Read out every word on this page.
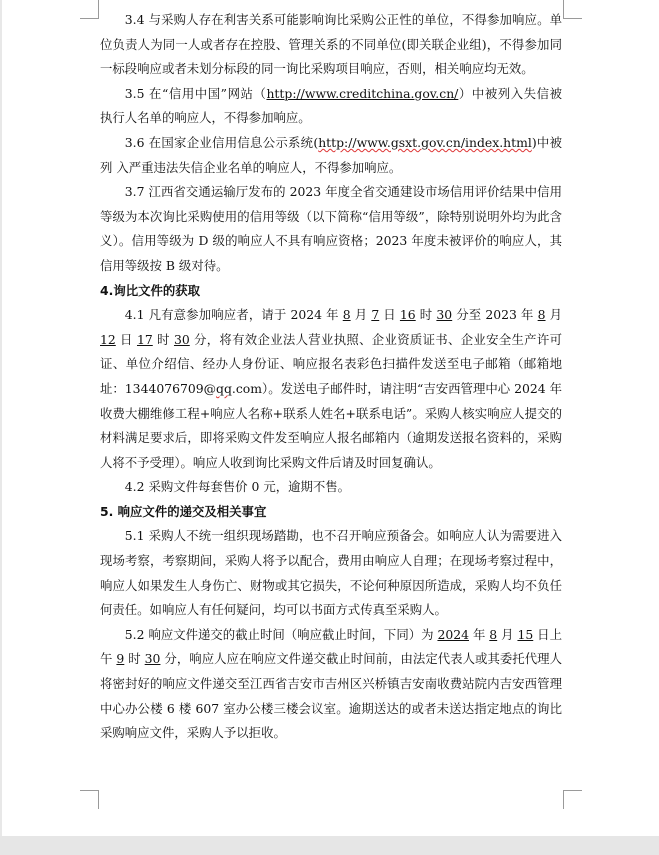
3.4 与采购人存在利害关系可能影响询比采购公正性的单位，不得参加响应。单位负责人为同一人或者存在控股、管理关系的不同单位(即关联企业组)，不得参加同一标段响应或者未划分标段的同一询比采购项目响应，否则，相关响应均无效。

3.5 在“信用中国”网站（http://www.creditchina.gov.cn/）中被列入失信被执行人名单的响应人，不得参加响应。

3.6 在国家企业信用信息公示系统(http://www.gsxt.gov.cn/index.html)中被列 入严重违法失信企业名单的响应人，不得参加响应。

3.7 江西省交通运输厅发布的 2023 年度全省交通建设市场信用评价结果中信用等级为本次询比采购使用的信用等级（以下简称“信用等级”，除特别说明外均为此含义）。信用等级为 D 级的响应人不具有响应资格；2023 年度未被评价的响应人，其信用等级按 B 级对待。

4.询比文件的获取

4.1 凡有意参加响应者，请于 2024 年 8 月 7 日 16 时 30 分至 2023 年 8 月 12 日 17 时 30 分，将有效企业法人营业执照、企业资质证书、企业安全生产许可证、单位介绍信、经办人身份证、响应报名表彩色扫描件发送至电子邮箱（邮箱地址：1344076709@qq.com）。发送电子邮件时，请注明“吉安西管理中心 2024 年收费大棚维修工程+响应人名称+联系人姓名+联系电话”。采购人核实响应人提交的材料满足要求后，即将采购文件发至响应人报名邮箱内（逾期发送报名资料的，采购人将不予受理）。响应人收到询比采购文件后请及时回复确认。

4.2 采购文件每套售价 0 元，逾期不售。

5. 响应文件的递交及相关事宜

5.1 采购人不统一组织现场踏勘，也不召开响应预备会。如响应人认为需要进入现场考察，考察期间，采购人将予以配合，费用由响应人自理；在现场考察过程中，响应人如果发生人身伤亡、财物或其它损失，不论何种原因所造成，采购人均不负任何责任。如响应人有任何疑问，均可以书面方式传真至采购人。

5.2 响应文件递交的截止时间（响应截止时间，下同）为 2024 年 8 月 15 日上午 9 时 30 分，响应人应在响应文件递交截止时间前，由法定代表人或其委托代理人将密封好的响应文件递交至江西省吉安市吉州区兴桥镇吉安南收费站院内吉安西管理中心办公楼 6 楼 607 室办公楼三楼会议室。逾期送达的或者未送达指定地点的询比采购响应文件，采购人予以拒收。
